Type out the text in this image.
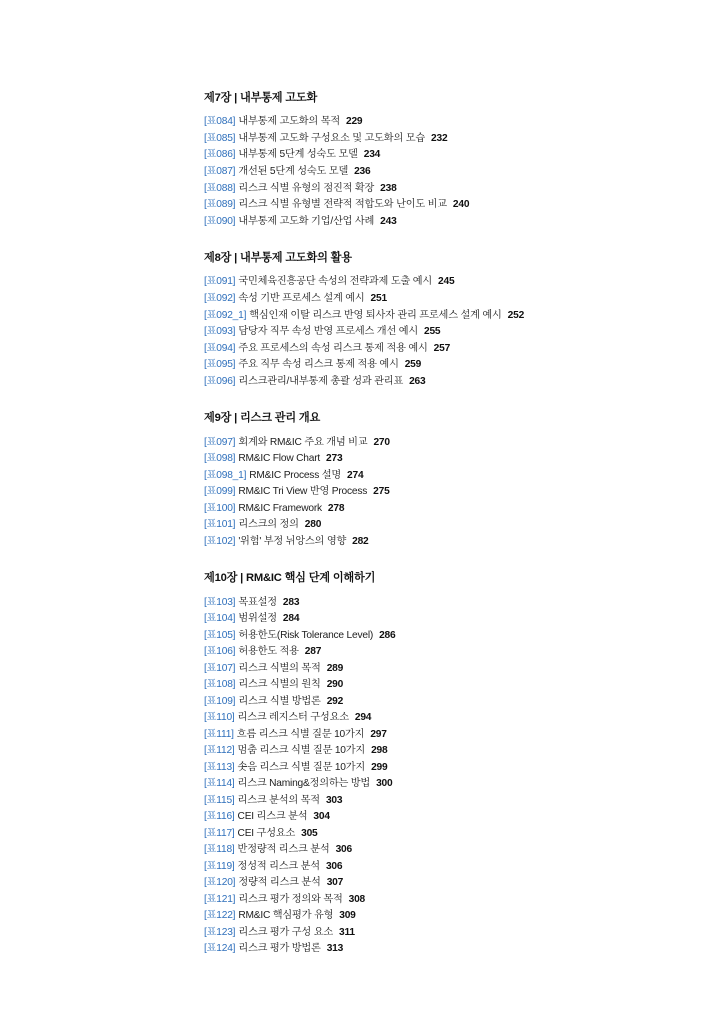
제7장 | 내부통제 고도화
[표084] 내부통제 고도화의 목적 229
[표085] 내부통제 고도화 구성요소 및 고도화의 모습 232
[표086] 내부통제 5단계 성숙도 모델 234
[표087] 개선된 5단계 성숙도 모델 236
[표088] 리스크 식별 유형의 점진적 확장 238
[표089] 리스크 식별 유형별 전략적 적합도와 난이도 비교 240
[표090] 내부통제 고도화 기업/산업 사례 243
제8장 | 내부통제 고도화의 활용
[표091] 국민체육진흥공단 속성의 전략과제 도출 예시 245
[표092] 속성 기반 프로세스 설계 예시 251
[표092_1] 핵심인재 이탈 리스크 반영 퇴사자 관리 프로세스 설계 예시 252
[표093] 담당자 직무 속성 반영 프로세스 개선 예시 255
[표094] 주요 프로세스의 속성 리스크 통제 적용 예시 257
[표095] 주요 직무 속성 리스크 통제 적용 예시 259
[표096] 리스크관리/내부통제 총괄 성과 관리표 263
제9장 | 리스크 관리 개요
[표097] 회계와 RM&IC 주요 개념 비교 270
[표098] RM&IC Flow Chart 273
[표098_1] RM&IC Process 설명 274
[표099] RM&IC Tri View 반영 Process 275
[표100] RM&IC Framework 278
[표101] 리스크의 정의 280
[표102] '위험' 부정 뉘앙스의 영향 282
제10장 | RM&IC 핵심 단계 이해하기
[표103] 목표설정 283
[표104] 범위설정 284
[표105] 허용한도(Risk Tolerance Level) 286
[표106] 허용한도 적용 287
[표107] 리스크 식별의 목적 289
[표108] 리스크 식별의 원칙 290
[표109] 리스크 식별 방법론 292
[표110] 리스크 레지스터 구성요소 294
[표111] 흐름 리스크 식별 질문 10가지 297
[표112] 멈춤 리스크 식별 질문 10가지 298
[표113] 솟음 리스크 식별 질문 10가지 299
[표114] 리스크 Naming&정의하는 방법 300
[표115] 리스크 분석의 목적 303
[표116] CEI 리스크 분석 304
[표117] CEI 구성요소 305
[표118] 반정량적 리스크 분석 306
[표119] 정성적 리스크 분석 306
[표120] 정량적 리스크 분석 307
[표121] 리스크 평가 정의와 목적 308
[표122] RM&IC 핵심평가 유형 309
[표123] 리스크 평가 구성 요소 311
[표124] 리스크 평가 방법론 313
